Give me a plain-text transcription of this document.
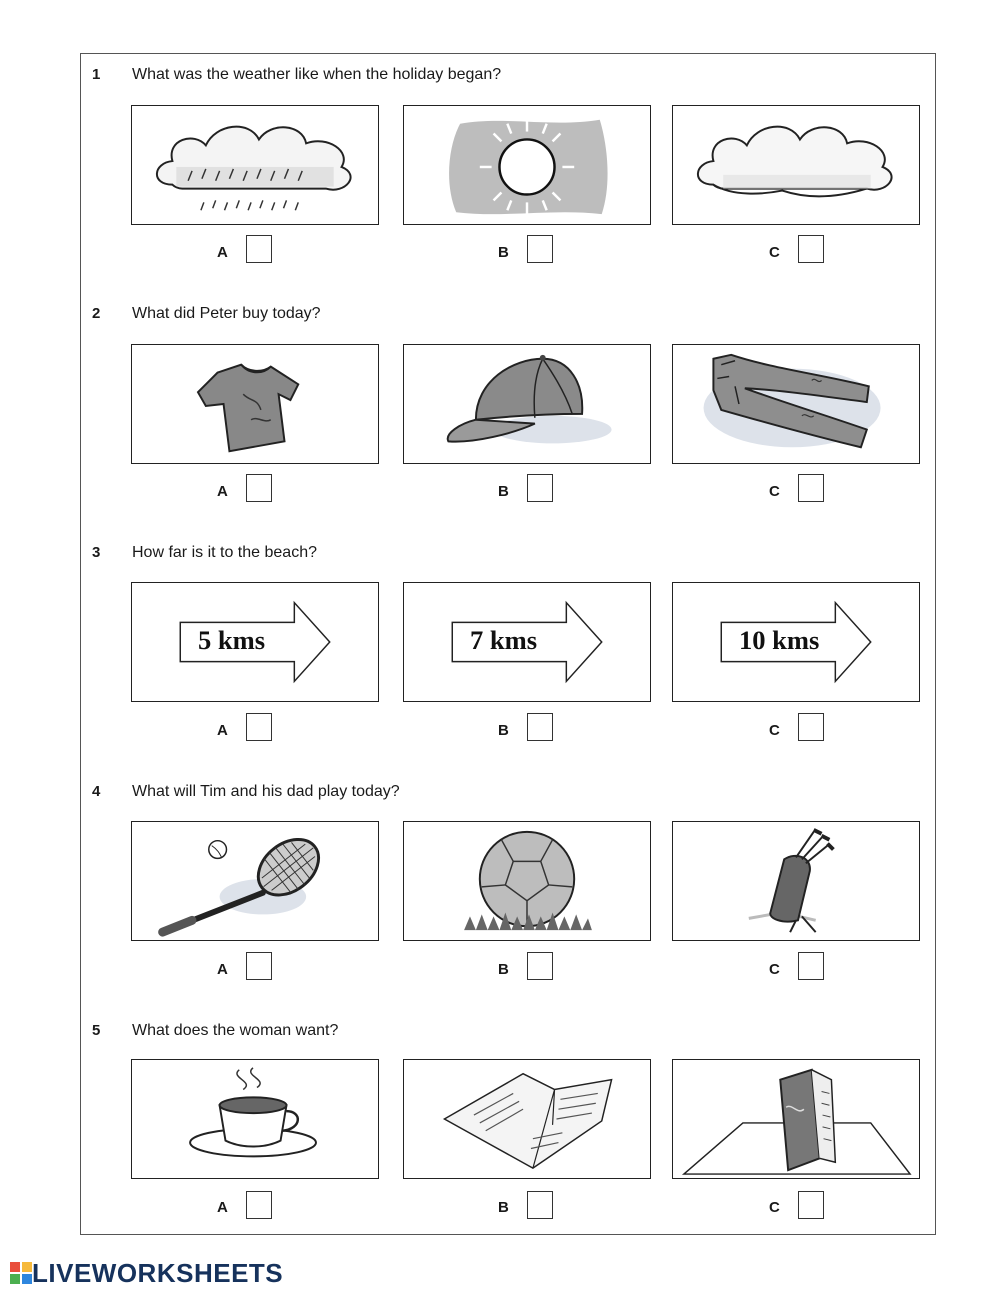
1 What was the weather like when the holiday began?
A	B	C
2 What did Peter buy today?
A	B	C
3 How far is it to the beach?
5 kms	7 kms	10 kms
A	B	C
4 What will Tim and his dad play today?
A	B	C
5 What does the woman want?
A	B	C
LIVEWORKSHEETS
